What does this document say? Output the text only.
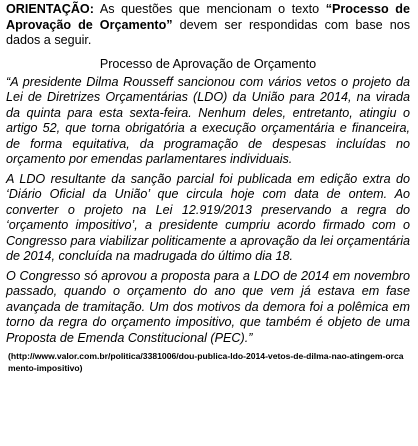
ORIENTAÇÃO: As questões que mencionam o texto “Processo de Aprovação de Orçamento” devem ser respondidas com base nos dados a seguir.

Processo de Aprovação de Orçamento

“A presidente Dilma Rousseff sancionou com vários vetos o projeto da Lei de Diretrizes Orçamentárias (LDO) da União para 2014, na virada da quinta para esta sexta-feira. Nenhum deles, entretanto, atingiu o artigo 52, que torna obrigatória a execução orçamentária e financeira, de forma equitativa, da programação de despesas incluídas no orçamento por emendas parlamentares individuais.

A LDO resultante da sanção parcial foi publicada em edição extra do ‘Diário Oficial da União’ que circula hoje com data de ontem. Ao converter o projeto na Lei 12.919/2013 preservando a regra do ‘orçamento impositivo’, a presidente cumpriu acordo firmado com o Congresso para viabilizar politicamente a aprovação da lei orçamentária de 2014, concluída na madrugada do último dia 18.

O Congresso só aprovou a proposta para a LDO de 2014 em novembro passado, quando o orçamento do ano que vem já estava em fase avançada de tramitação. Um dos motivos da demora foi a polêmica em torno da regra do orçamento impositivo, que também é objeto de uma Proposta de Emenda Constitucional (PEC).”

(http://www.valor.com.br/politica/3381006/dou-publica-ldo-2014-vetos-de-dilma-nao-atingem-orcamento-impositivo)
